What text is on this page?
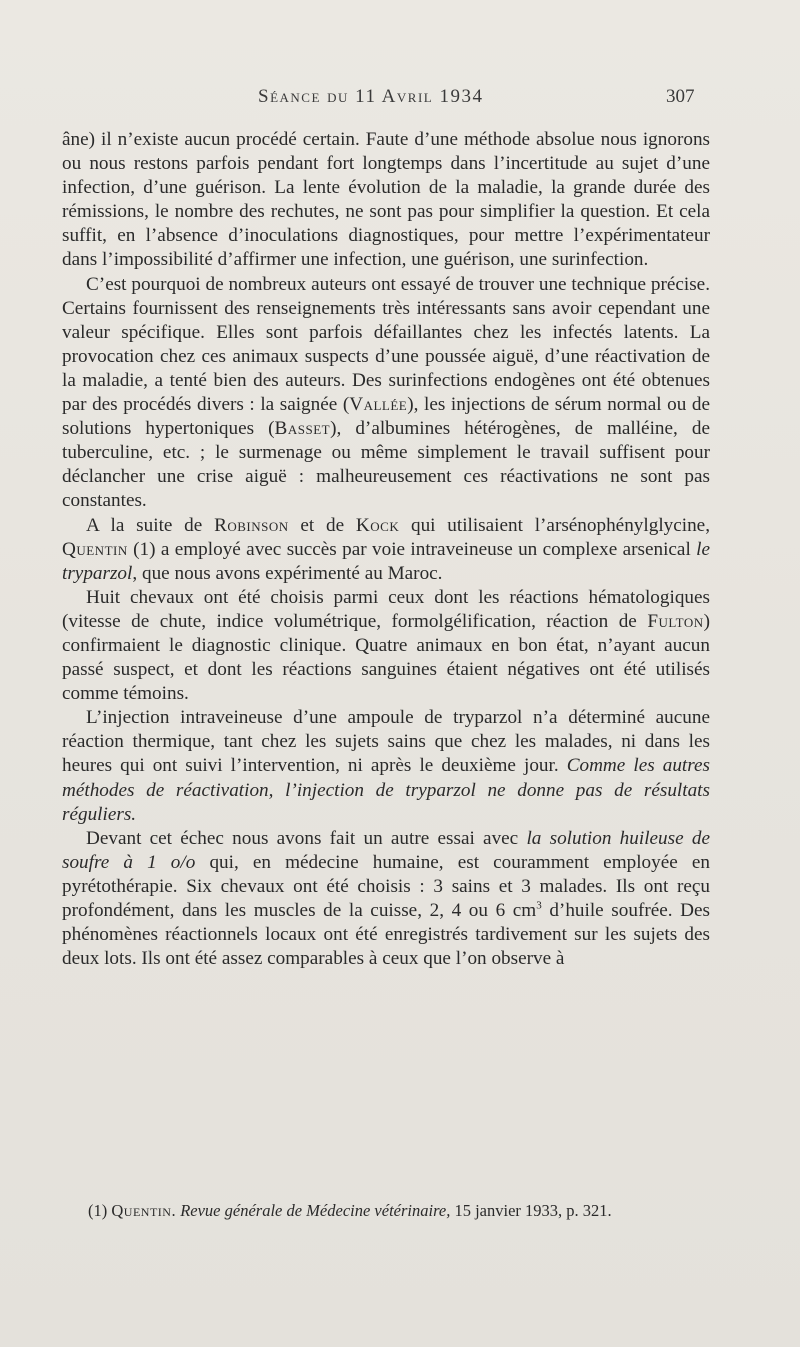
Séance du 11 Avril 1934	307

âne) il n’existe aucun procédé certain. Faute d’une méthode absolue nous ignorons ou nous restons parfois pendant fort longtemps dans l’incertitude au sujet d’une infection, d’une guérison. La lente évolution de la maladie, la grande durée des rémissions, le nombre des rechutes, ne sont pas pour simplifier la question. Et cela suffit, en l’absence d’inoculations diagnostiques, pour mettre l’expérimentateur dans l’impossibilité d’affirmer une infection, une guérison, une surinfection.

C’est pourquoi de nombreux auteurs ont essayé de trouver une technique précise. Certains fournissent des renseignements très intéressants sans avoir cependant une valeur spécifique. Elles sont parfois défaillantes chez les infectés latents. La provocation chez ces animaux suspects d’une poussée aiguë, d’une réactivation de la maladie, a tenté bien des auteurs. Des surinfections endogènes ont été obtenues par des procédés divers : la saignée (Vallée), les injections de sérum normal ou de solutions hypertoniques (Basset), d’albumines hétérogènes, de malléine, de tuberculine, etc. ; le surmenage ou même simplement le travail suffisent pour déclancher une crise aiguë : malheureusement ces réactivations ne sont pas constantes.

A la suite de Robinson et de Kock qui utilisaient l’arsénophénylglycine, Quentin (1) a employé avec succès par voie intraveineuse un complexe arsenical le tryparzol, que nous avons expérimenté au Maroc.

Huit chevaux ont été choisis parmi ceux dont les réactions hématologiques (vitesse de chute, indice volumétrique, formolgélification, réaction de Fulton) confirmaient le diagnostic clinique. Quatre animaux en bon état, n’ayant aucun passé suspect, et dont les réactions sanguines étaient négatives ont été utilisés comme témoins.

L’injection intraveineuse d’une ampoule de tryparzol n’a déterminé aucune réaction thermique, tant chez les sujets sains que chez les malades, ni dans les heures qui ont suivi l’intervention, ni après le deuxième jour. Comme les autres méthodes de réactivation, l’injection de tryparzol ne donne pas de résultats réguliers.

Devant cet échec nous avons fait un autre essai avec la solution huileuse de soufre à 1 o/o qui, en médecine humaine, est couramment employée en pyrétothérapie. Six chevaux ont été choisis : 3 sains et 3 malades. Ils ont reçu profondément, dans les muscles de la cuisse, 2, 4 ou 6 $cm^3$ d’huile soufrée. Des phénomènes réactionnels locaux ont été enregistrés tardivement sur les sujets des deux lots. Ils ont été assez comparables à ceux que l’on observe à

(1) Quentin. Revue générale de Médecine vétérinaire, 15 janvier 1933, p. 321.
